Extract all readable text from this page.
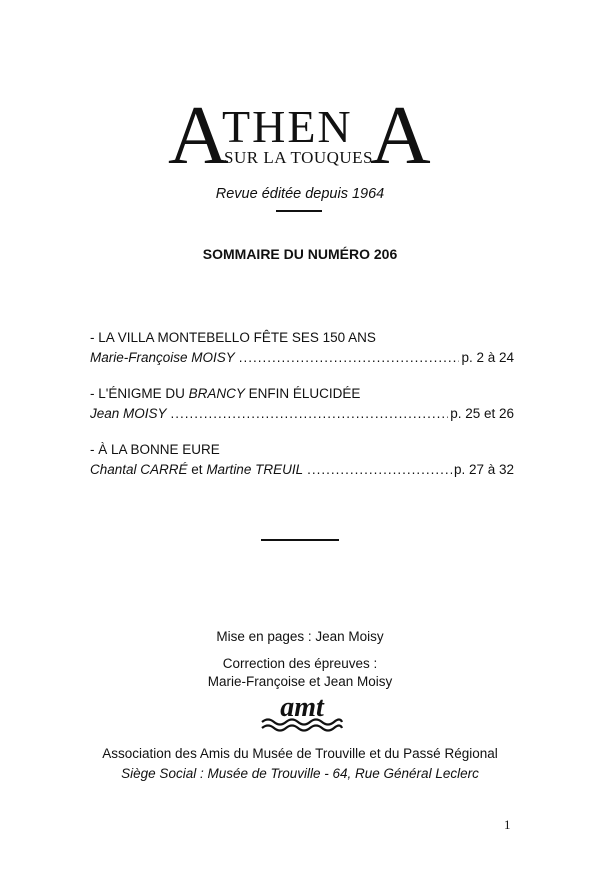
A
THEN
SUR LA TOUQUES
A
Revue éditée depuis 1964
SOMMAIRE DU NUMÉRO 206
- LA VILLA MONTEBELLO FÊTE SES 150 ANS
Marie-Françoise MOISY .....	p. 2 à 24
- L'ÉNIGME DU BRANCY ENFIN ÉLUCIDÉE
Jean MOISY .....	p. 25 et 26
- À LA BONNE EURE
Chantal CARRÉ et Martine TREUIL .....	p. 27 à 32
Mise en pages : Jean Moisy
Correction des épreuves :
Marie-Françoise et Jean Moisy
amt
Association des Amis du Musée de Trouville et du Passé Régional
Siège Social : Musée de Trouville - 64, Rue Général Leclerc
1
